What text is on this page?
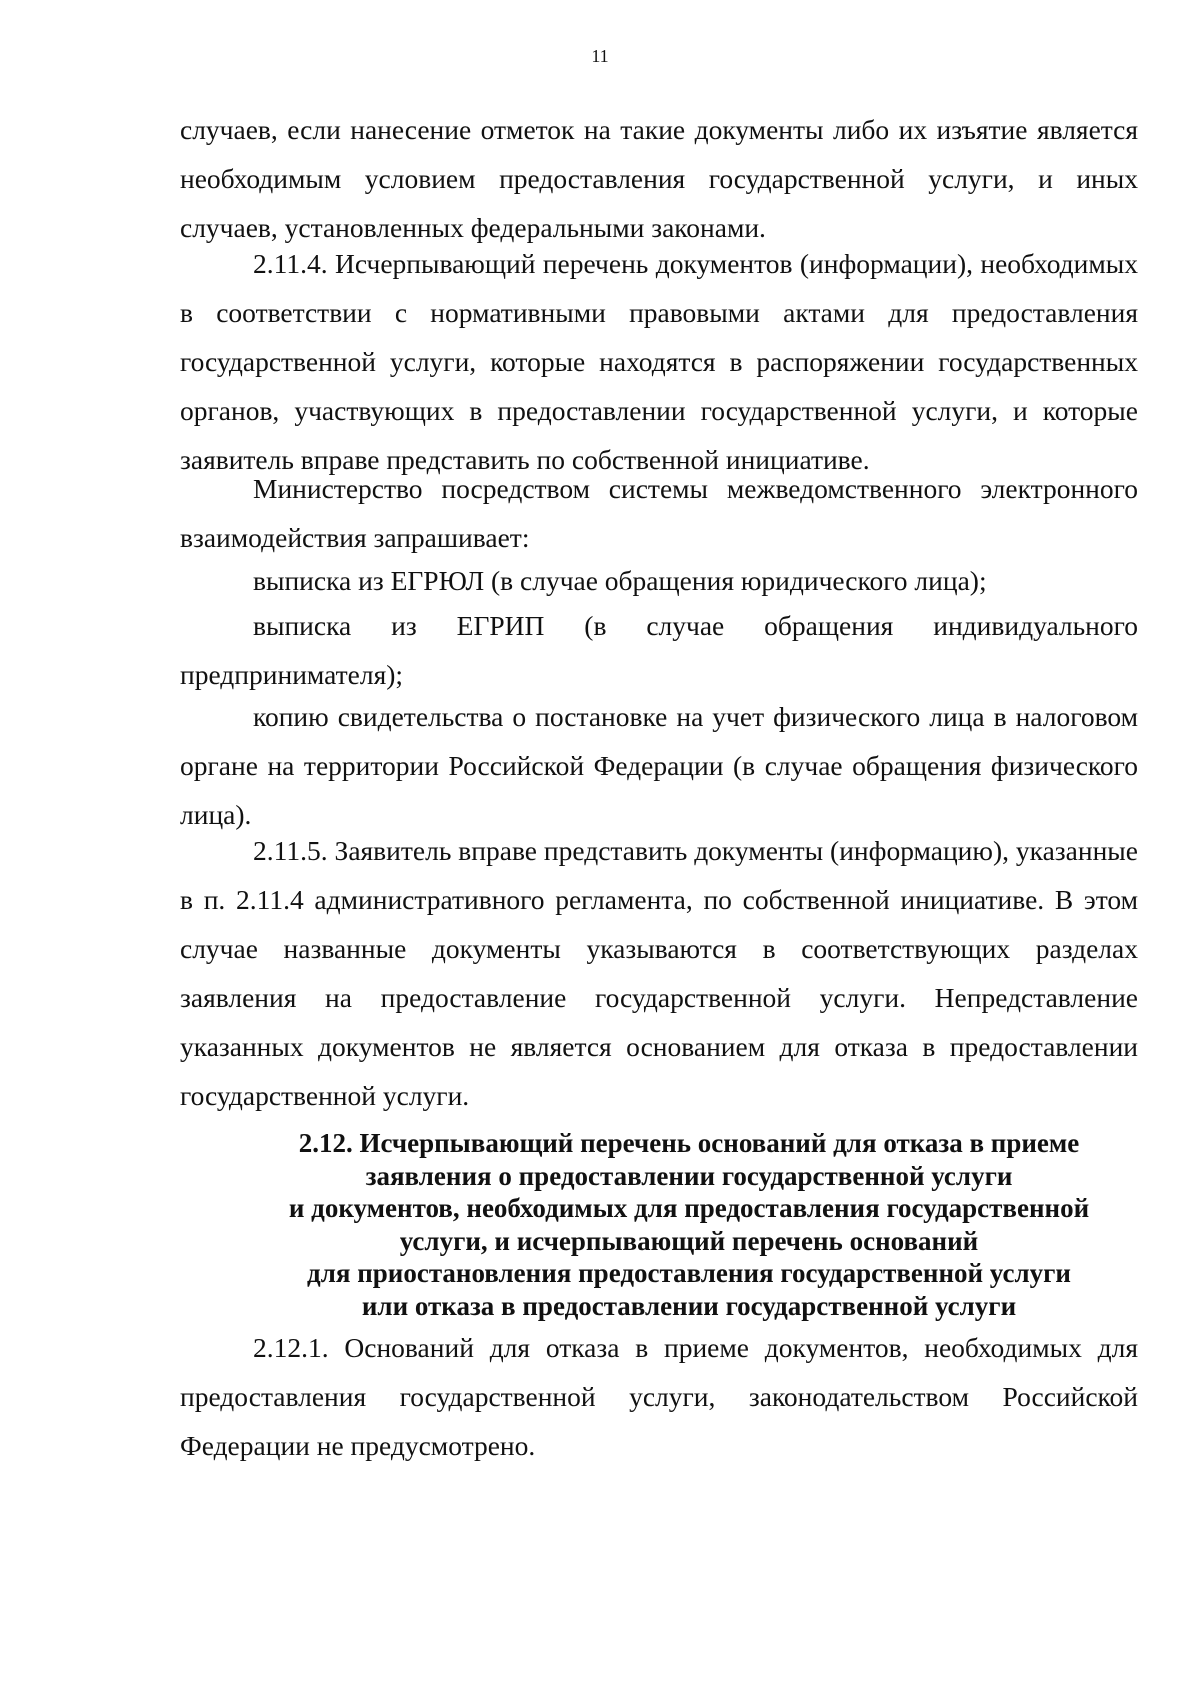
11

случаев, если нанесение отметок на такие документы либо их изъятие является необходимым условием предоставления государственной услуги, и иных случаев, установленных федеральными законами.

2.11.4. Исчерпывающий перечень документов (информации), необходимых в соответствии с нормативными правовыми актами для предоставления государственной услуги, которые находятся в распоряжении государственных органов, участвующих в предоставлении государственной услуги, и которые заявитель вправе представить по собственной инициативе.

Министерство посредством системы межведомственного электронного взаимодействия запрашивает:

выписка из ЕГРЮЛ (в случае обращения юридического лица);

выписка из ЕГРИП (в случае обращения индивидуального предпринимателя);

копию свидетельства о постановке на учет физического лица в налоговом органе на территории Российской Федерации (в случае обращения физического лица).

2.11.5. Заявитель вправе представить документы (информацию), указанные в п. 2.11.4 административного регламента, по собственной инициативе. В этом случае названные документы указываются в соответствующих разделах заявления на предоставление государственной услуги. Непредставление указанных документов не является основанием для отказа в предоставлении государственной услуги.

2.12. Исчерпывающий перечень оснований для отказа в приеме

заявления о предоставлении государственной услуги

и документов, необходимых для предоставления государственной

услуги, и исчерпывающий перечень оснований

для приостановления предоставления государственной услуги

или отказа в предоставлении государственной услуги

2.12.1. Оснований для отказа в приеме документов, необходимых для предоставления государственной услуги, законодательством Российской Федерации не предусмотрено.
